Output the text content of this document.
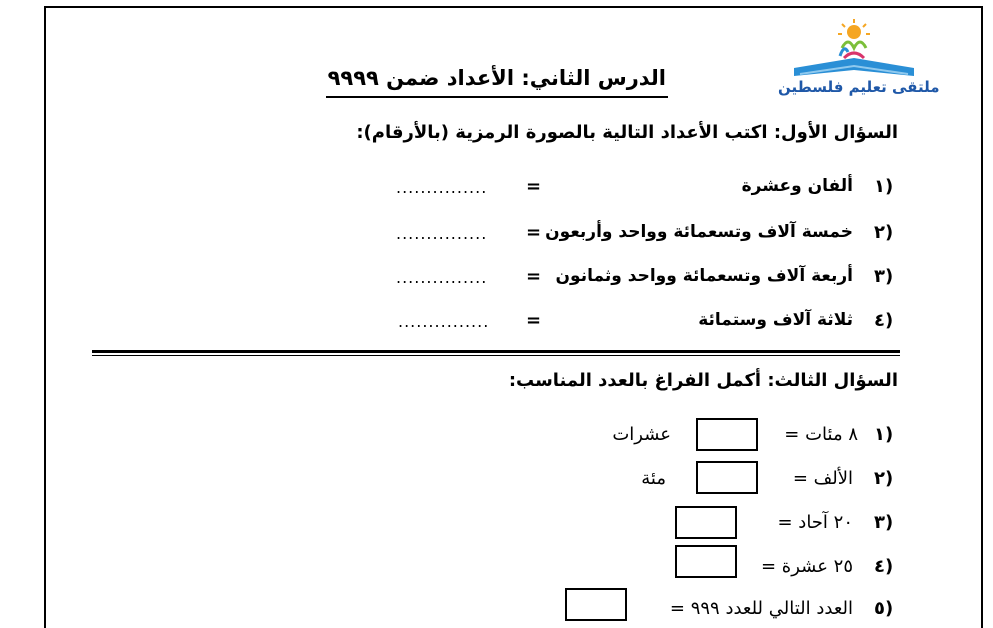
ملتقى تعليم فلسطين
الدرس الثاني: الأعداد ضمن ٩٩٩٩
السؤال الأول: اكتب الأعداد التالية بالصورة الرمزية (بالأرقام):
١)
ألفان وعشرة
=
...............
٢)
خمسة آلاف وتسعمائة وواحد وأربعون
=
...............
٣)
أربعة آلاف وتسعمائة وواحد وثمانون
=
...............
٤)
ثلاثة آلاف وستمائة
=
...............
السؤال الثالث: أكمل الفراغ بالعدد المناسب:
١)
٨ مئات =
عشرات
٢)
الألف =
مئة
٣)
٢٠ آحاد =
٤)
٢٥ عشرة =
٥)
العدد التالي للعدد ٩٩٩ =
